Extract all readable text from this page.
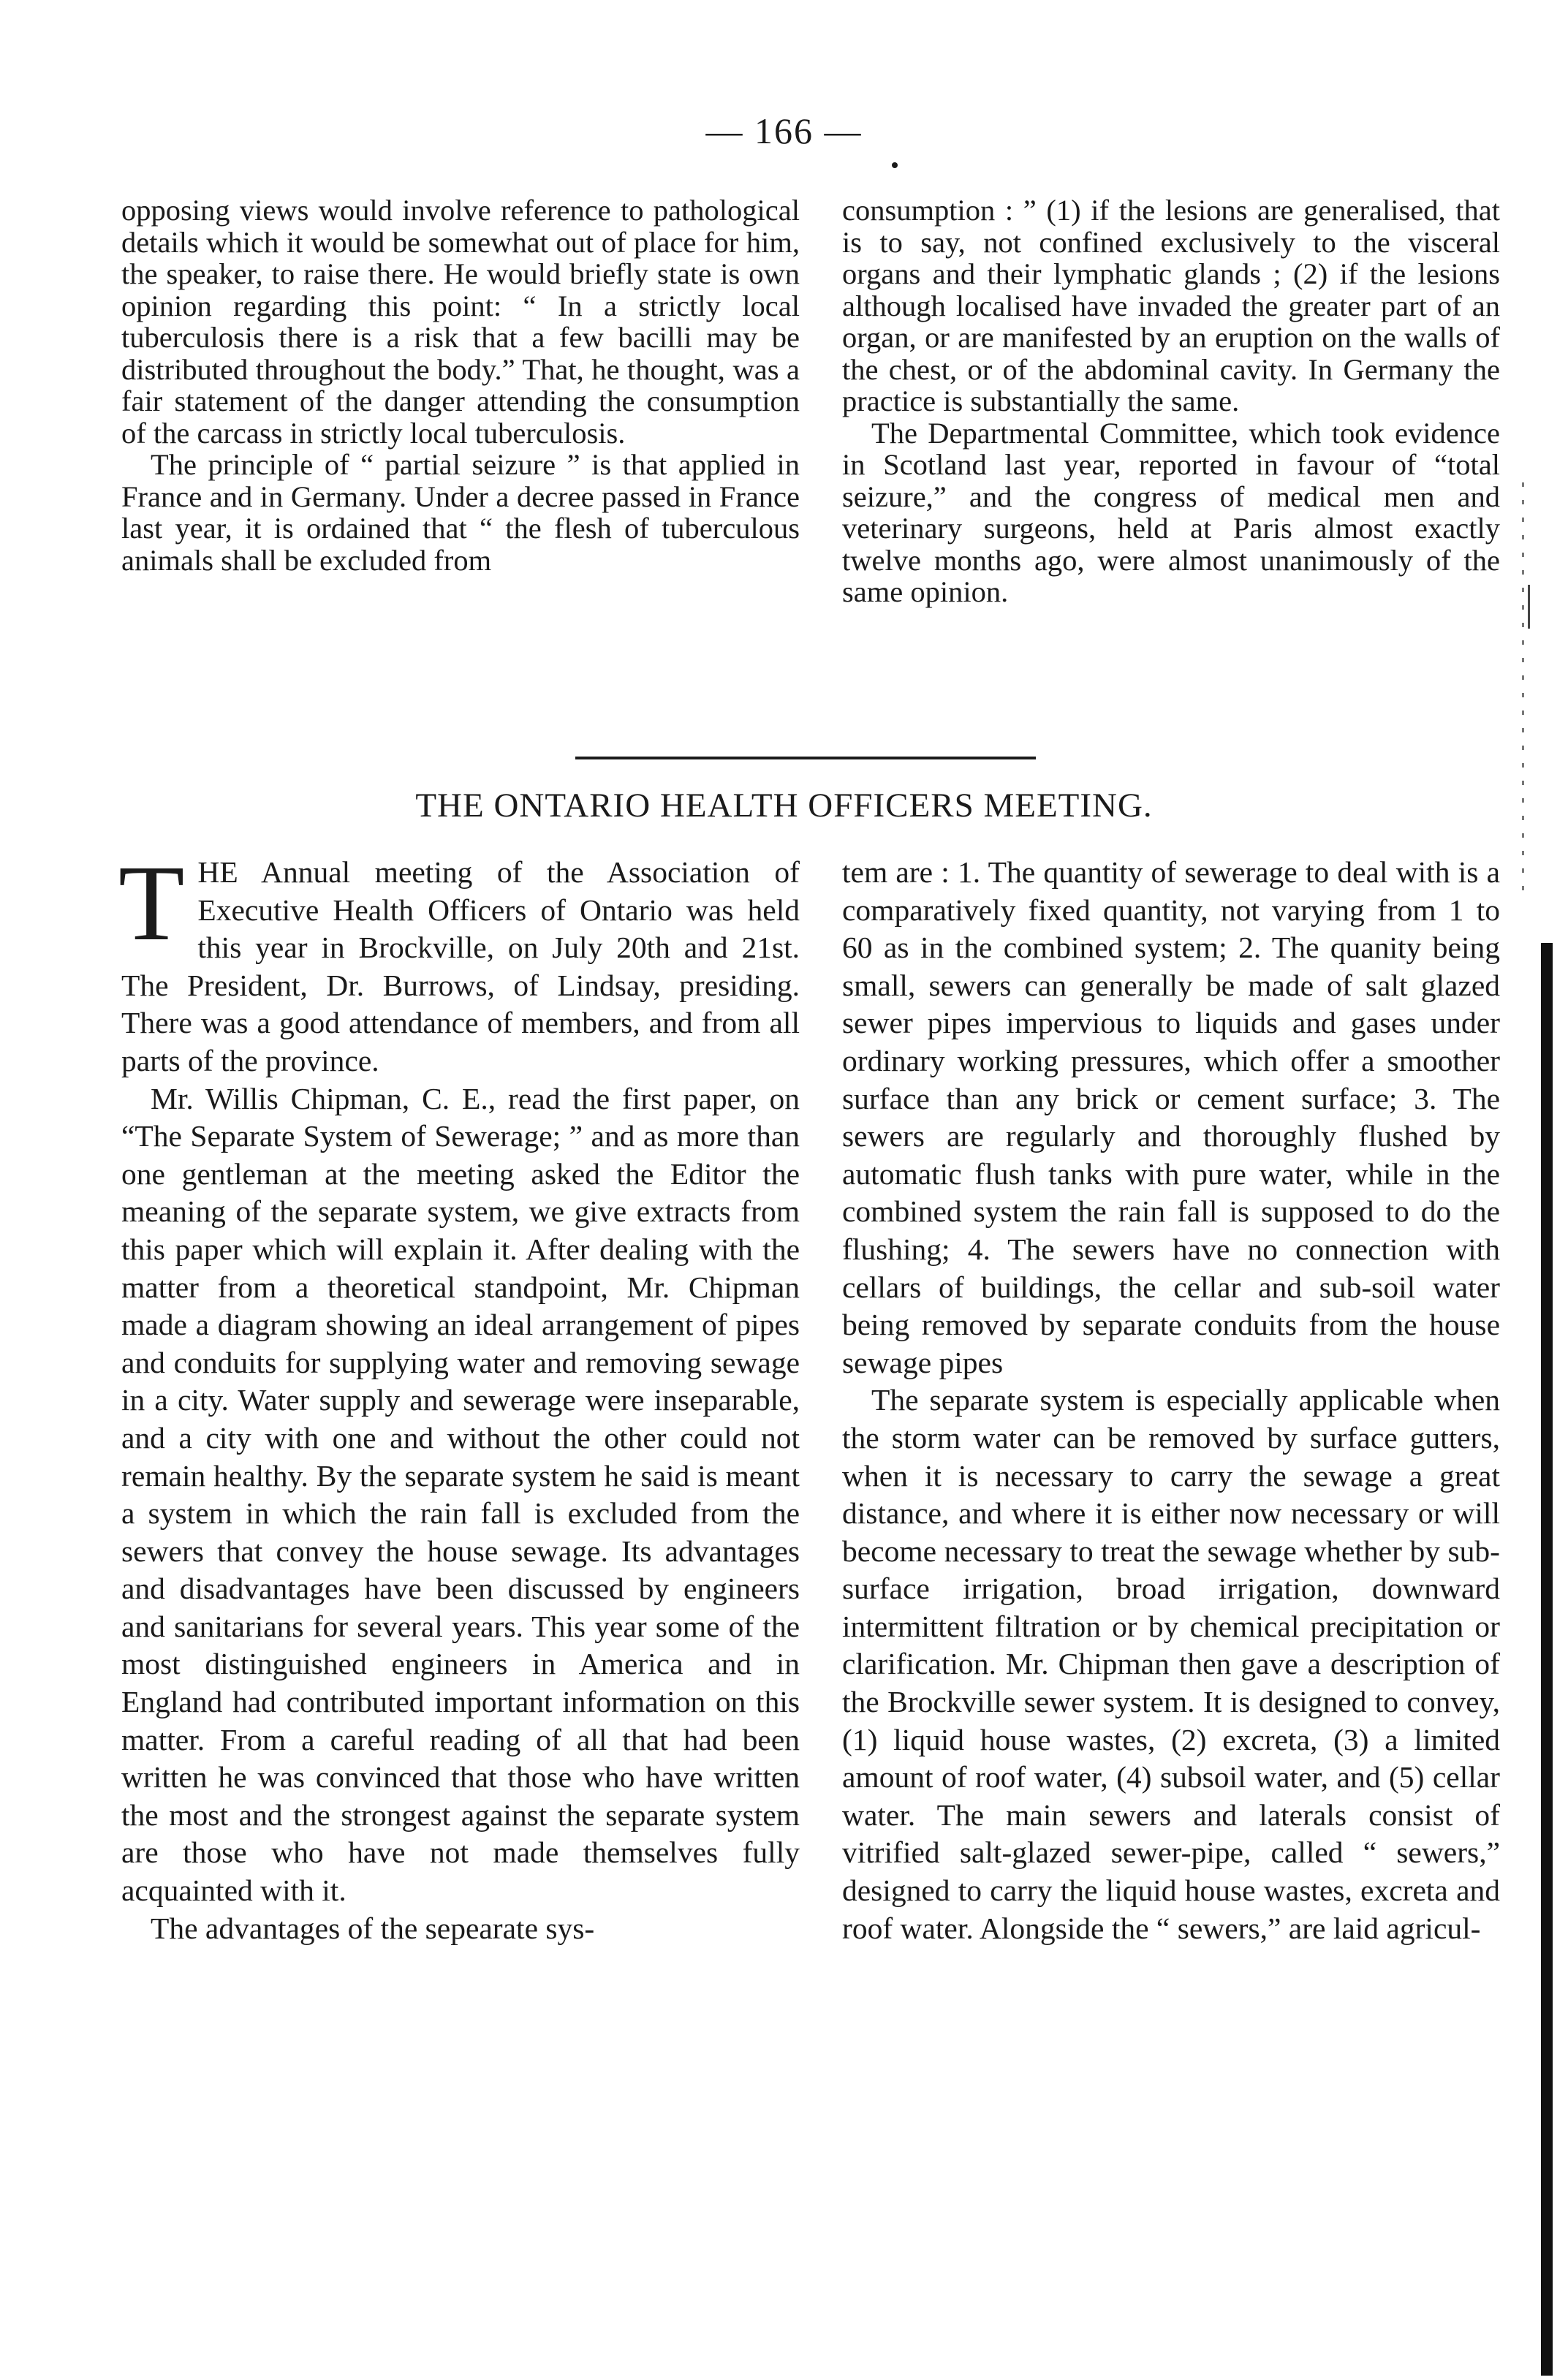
— 166 —

opposing views would involve reference to pathological details which it would be somewhat out of place for him, the speaker, to raise there. He would briefly state is own opinion regarding this point: “ In a strictly local tuberculosis there is a risk that a few bacilli may be distributed throughout the body.” That, he thought, was a fair statement of the danger attending the consumption of the carcass in strictly local tuberculosis.

The principle of “ partial seizure ” is that applied in France and in Germany. Under a decree passed in France last year, it is ordained that “ the flesh of tuberculous animals shall be excluded from

consumption : ” (1) if the lesions are generalised, that is to say, not confined exclusively to the visceral organs and their lymphatic glands ; (2) if the lesions although localised have invaded the greater part of an organ, or are manifested by an eruption on the walls of the chest, or of the abdominal cavity. In Germany the practice is substantially the same.

The Departmental Committee, which took evidence in Scotland last year, reported in favour of “total seizure,” and the congress of medical men and veterinary surgeons, held at Paris almost exactly twelve months ago, were almost unanimously of the same opinion.

THE ONTARIO HEALTH OFFICERS MEETING.

THE Annual meeting of the Association of Executive Health Officers of Ontario was held this year in Brockville, on July 20th and 21st. The President, Dr. Burrows, of Lindsay, presiding. There was a good attendance of members, and from all parts of the province.

Mr. Willis Chipman, C. E., read the first paper, on “The Separate System of Sewerage; ” and as more than one gentleman at the meeting asked the Editor the meaning of the separate system, we give extracts from this paper which will explain it. After dealing with the matter from a theoretical standpoint, Mr. Chipman made a diagram showing an ideal arrangement of pipes and conduits for supplying water and removing sewage in a city. Water supply and sewerage were inseparable, and a city with one and without the other could not remain healthy. By the separate system he said is meant a system in which the rain fall is excluded from the sewers that convey the house sewage. Its advantages and disadvantages have been discussed by engineers and sanitarians for several years. This year some of the most distinguished engineers in America and in England had contributed important information on this matter. From a careful reading of all that had been written he was convinced that those who have written the most and the strongest against the separate system are those who have not made themselves fully acquainted with it.

The advantages of the sepearate sys-

tem are : 1. The quantity of sewerage to deal with is a comparatively fixed quantity, not varying from 1 to 60 as in the combined system; 2. The quanity being small, sewers can generally be made of salt glazed sewer pipes impervious to liquids and gases under ordinary working pressures, which offer a smoother surface than any brick or cement surface; 3. The sewers are regularly and thoroughly flushed by automatic flush tanks with pure water, while in the combined system the rain fall is supposed to do the flushing; 4. The sewers have no connection with cellars of buildings, the cellar and sub-soil water being removed by separate conduits from the house sewage pipes

The separate system is especially applicable when the storm water can be removed by surface gutters, when it is necessary to carry the sewage a great distance, and where it is either now necessary or will become necessary to treat the sewage whether by sub-surface irrigation, broad irrigation, downward intermittent filtration or by chemical precipitation or clarification. Mr. Chipman then gave a description of the Brockville sewer system. It is designed to convey, (1) liquid house wastes, (2) excreta, (3) a limited amount of roof water, (4) subsoil water, and (5) cellar water. The main sewers and laterals consist of vitrified salt-glazed sewer-pipe, called “ sewers,” designed to carry the liquid house wastes, excreta and roof water. Alongside the “ sewers,” are laid agricul-
